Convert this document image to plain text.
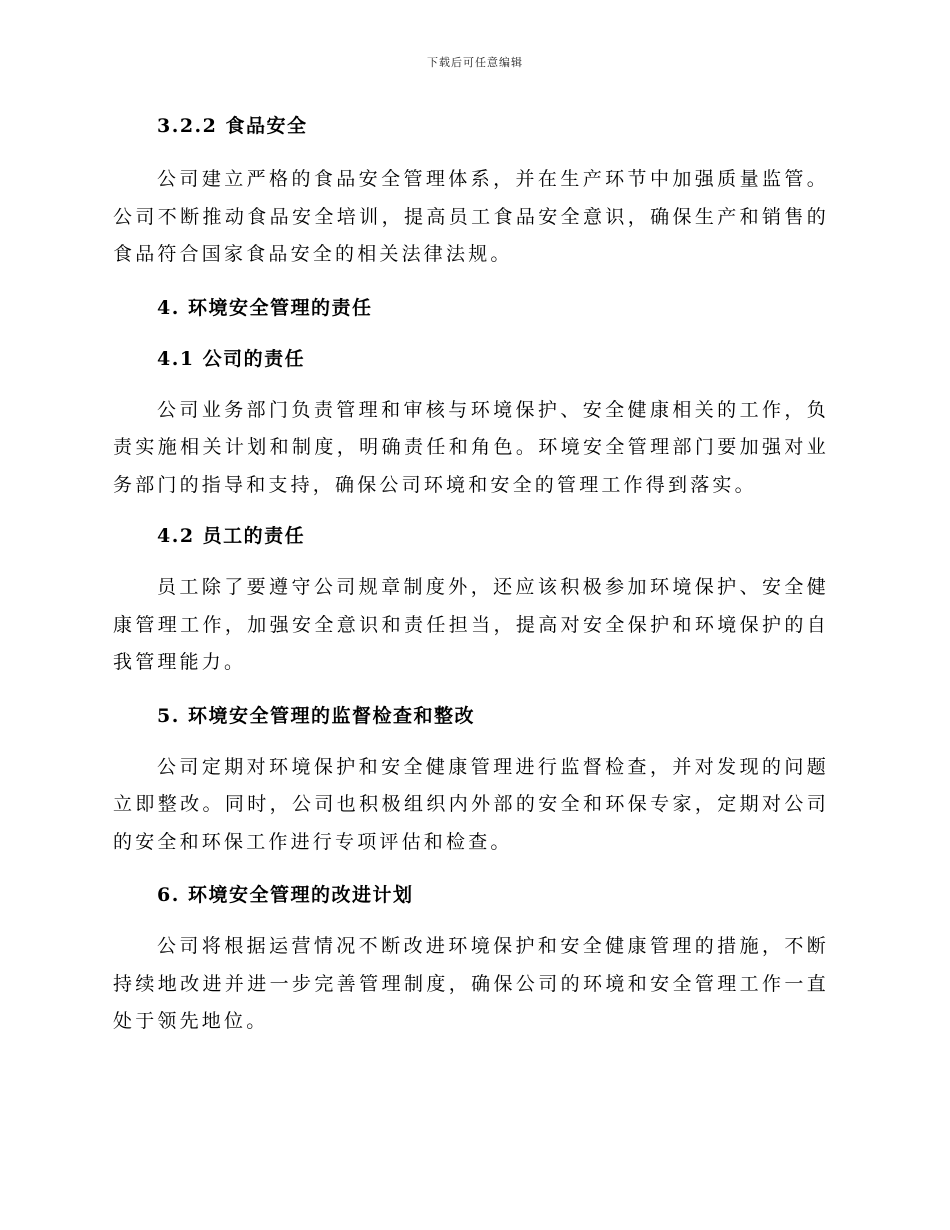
下载后可任意编辑

3.2.2 食品安全

公司建立严格的食品安全管理体系，并在生产环节中加强质量监管。公司不断推动食品安全培训，提高员工食品安全意识，确保生产和销售的食品符合国家食品安全的相关法律法规。

4. 环境安全管理的责任

4.1 公司的责任

公司业务部门负责管理和审核与环境保护、安全健康相关的工作，负责实施相关计划和制度，明确责任和角色。环境安全管理部门要加强对业务部门的指导和支持，确保公司环境和安全的管理工作得到落实。

4.2 员工的责任

员工除了要遵守公司规章制度外，还应该积极参加环境保护、安全健康管理工作，加强安全意识和责任担当，提高对安全保护和环境保护的自我管理能力。

5. 环境安全管理的监督检查和整改

公司定期对环境保护和安全健康管理进行监督检查，并对发现的问题立即整改。同时，公司也积极组织内外部的安全和环保专家，定期对公司的安全和环保工作进行专项评估和检查。

6. 环境安全管理的改进计划

公司将根据运营情况不断改进环境保护和安全健康管理的措施，不断持续地改进并进一步完善管理制度，确保公司的环境和安全管理工作一直处于领先地位。
